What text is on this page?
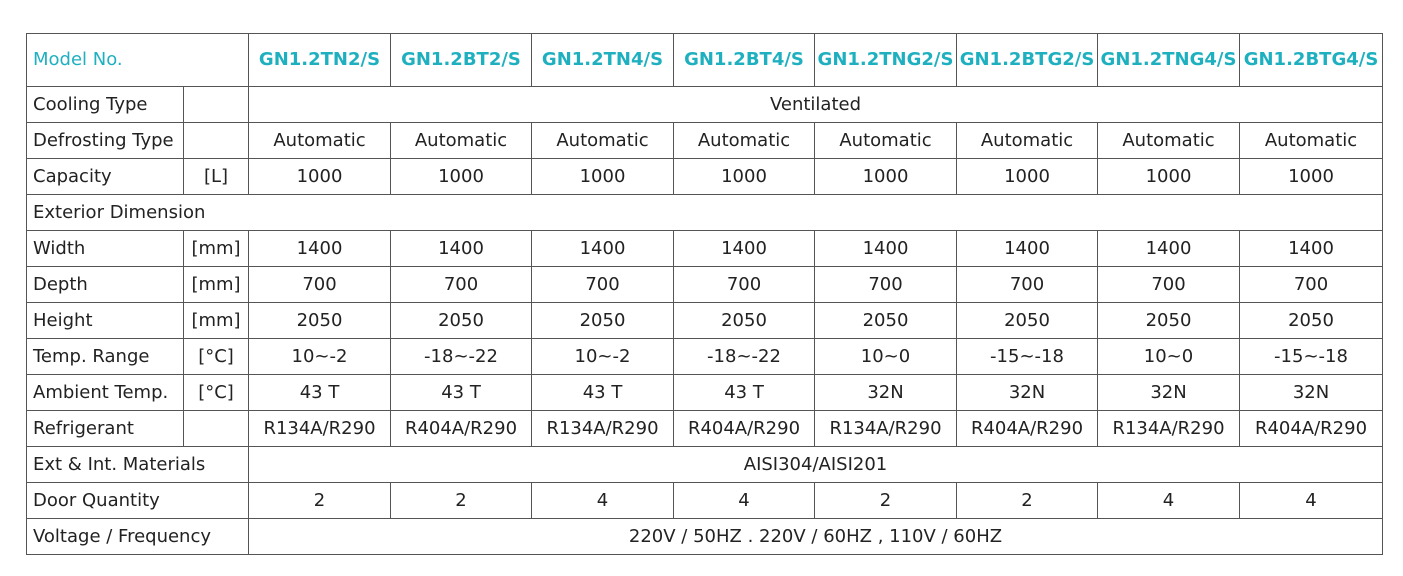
Model No.		GN1.2TN2/S	GN1.2BT2/S	GN1.2TN4/S	GN1.2BT4/S	GN1.2TNG2/S	GN1.2BTG2/S	GN1.2TNG4/S	GN1.2BTG4/S
Cooling Type		Ventilated							
Defrosting Type		Automatic	Automatic	Automatic	Automatic	Automatic	Automatic	Automatic	Automatic
Capacity	[L]	1000	1000	1000	1000	1000	1000	1000	1000
Exterior Dimension									
Width	[mm]	1400	1400	1400	1400	1400	1400	1400	1400
Depth	[mm]	700	700	700	700	700	700	700	700
Height	[mm]	2050	2050	2050	2050	2050	2050	2050	2050
Temp. Range	[°C]	10~-2	-18~-22	10~-2	-18~-22	10~0	-15~-18	10~0	-15~-18
Ambient Temp.	[°C]	43 T	43 T	43 T	43 T	32N	32N	32N	32N
Refrigerant		R134A/R290	R404A/R290	R134A/R290	R404A/R290	R134A/R290	R404A/R290	R134A/R290	R404A/R290
Ext & Int. Materials		AISI304/AISI201							
Door Quantity		2	2	4	4	2	2	4	4
Voltage / Frequency		220V / 50HZ . 220V / 60HZ , 110V / 60HZ							
